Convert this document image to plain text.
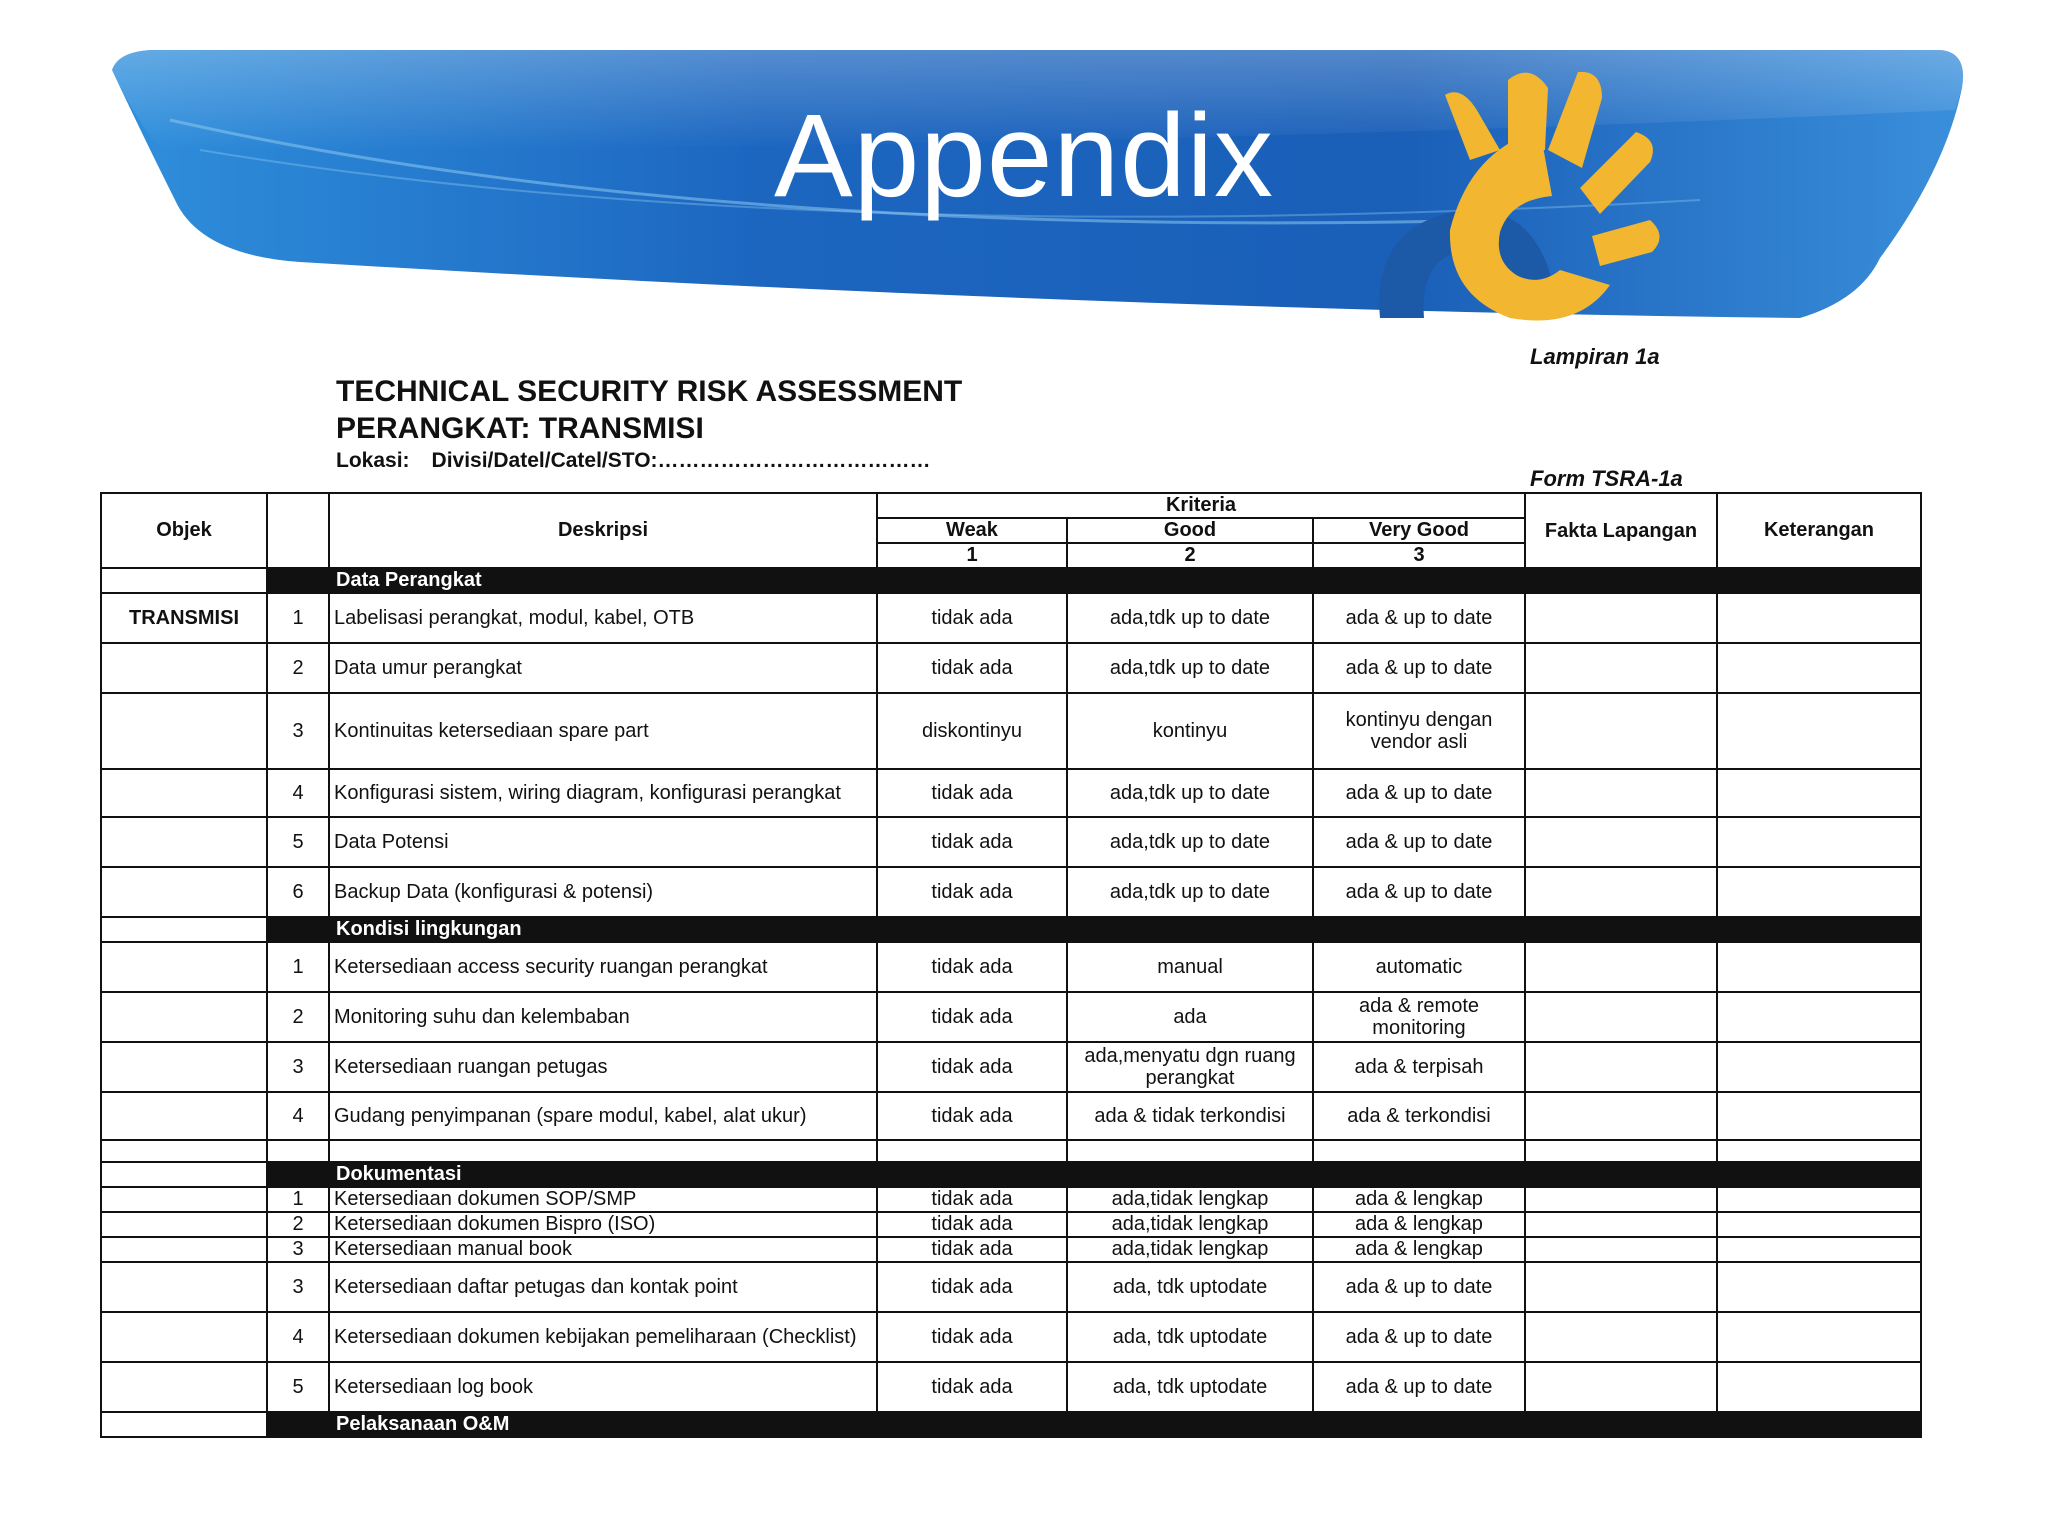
Appendix
Lampiran 1a
TECHNICAL SECURITY RISK ASSESSMENT
PERANGKAT: TRANSMISI
Lokasi: Divisi/Datel/Catel/STO:…………………………………
Form TSRA-1a
Objek		Deskripsi	Kriteria			Fakta Lapangan	Keterangan
			Weak	Good	Very Good		
			1	2	3		
		Data Perangkat					
TRANSMISI	1	Labelisasi perangkat, modul, kabel, OTB	tidak ada	ada,tdk up to date	ada & up to date		
	2	Data umur perangkat	tidak ada	ada,tdk up to date	ada & up to date		
	3	Kontinuitas ketersediaan spare part	diskontinyu	kontinyu	kontinyu dengan vendor asli		
	4	Konfigurasi sistem, wiring diagram, konfigurasi perangkat	tidak ada	ada,tdk up to date	ada & up to date		
	5	Data Potensi	tidak ada	ada,tdk up to date	ada & up to date		
	6	Backup Data (konfigurasi & potensi)	tidak ada	ada,tdk up to date	ada & up to date		
		Kondisi lingkungan					
	1	Ketersediaan access security ruangan perangkat	tidak ada	manual	automatic		
	2	Monitoring suhu dan kelembaban	tidak ada	ada	ada & remote monitoring		
	3	Ketersediaan ruangan petugas	tidak ada	ada,menyatu dgn ruang perangkat	ada & terpisah		
	4	Gudang penyimpanan (spare modul, kabel, alat ukur)	tidak ada	ada & tidak terkondisi	ada & terkondisi		

		Dokumentasi					
	1	Ketersediaan dokumen SOP/SMP	tidak ada	ada,tidak lengkap	ada & lengkap		
	2	Ketersediaan dokumen Bispro (ISO)	tidak ada	ada,tidak lengkap	ada & lengkap		
	3	Ketersediaan manual book	tidak ada	ada,tidak lengkap	ada & lengkap		
	3	Ketersediaan daftar petugas dan kontak point	tidak ada	ada, tdk uptodate	ada & up to date		
	4	Ketersediaan dokumen kebijakan pemeliharaan (Checklist)	tidak ada	ada, tdk uptodate	ada & up to date		
	5	Ketersediaan log book	tidak ada	ada, tdk uptodate	ada & up to date		
		Pelaksanaan O&M					
